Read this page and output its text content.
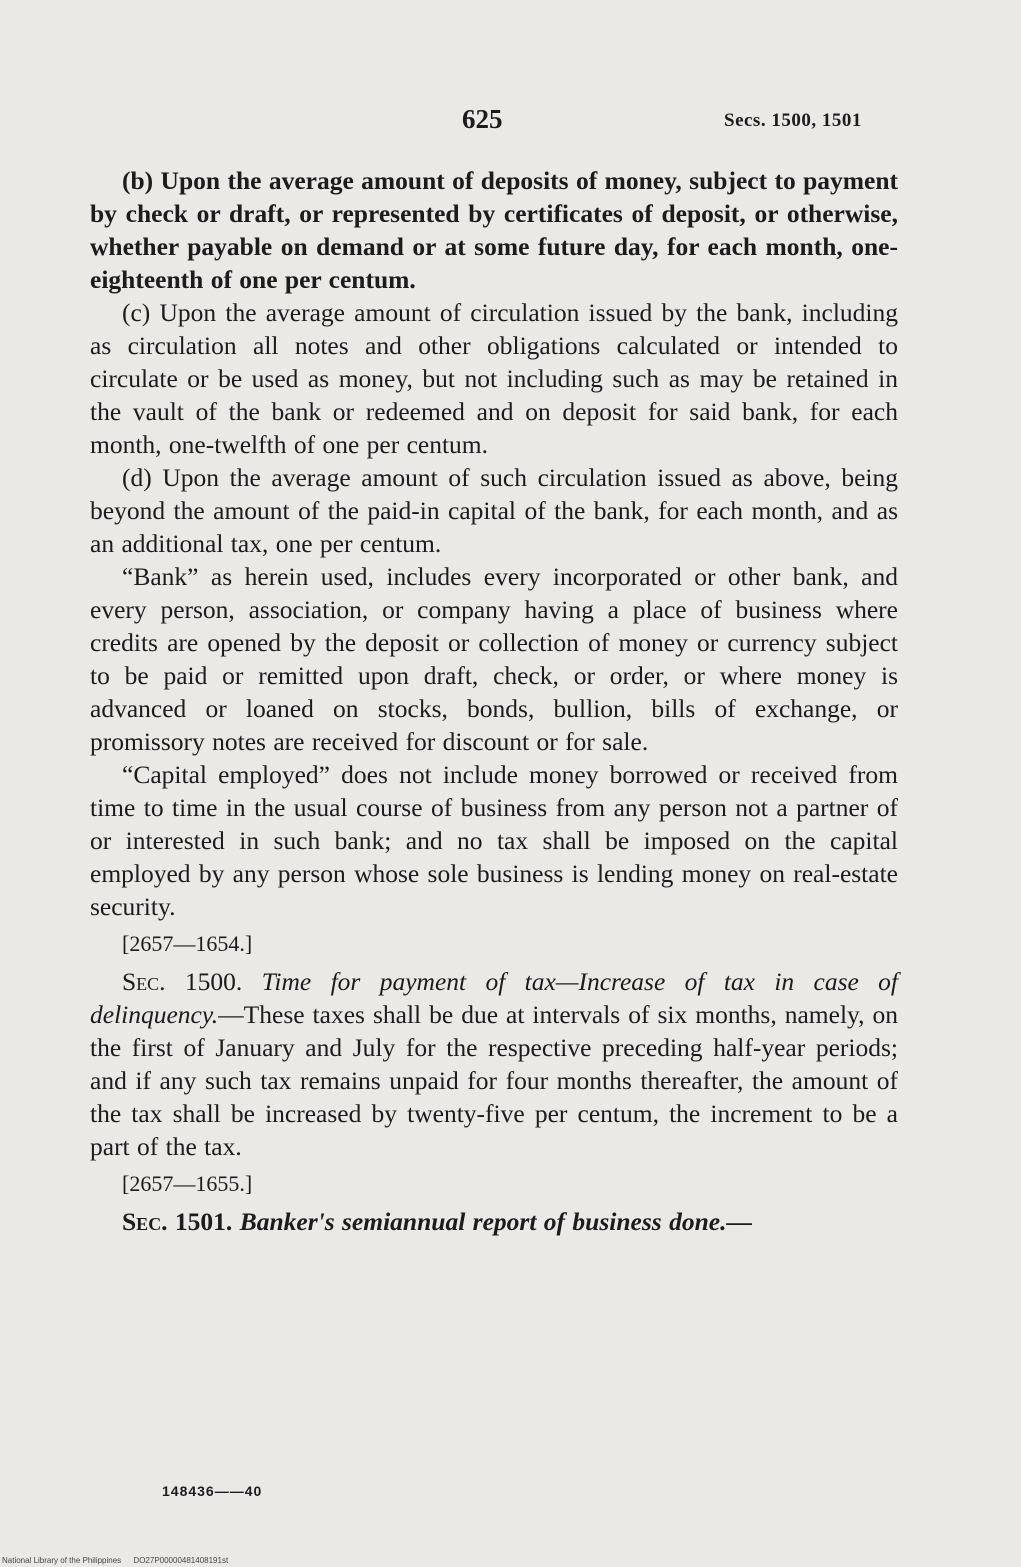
625	Secs. 1500, 1501

(b) Upon the average amount of deposits of money, subject to payment by check or draft, or represented by certificates of deposit, or otherwise, whether payable on demand or at some future day, for each month, one-eighteenth of one per centum.

(c) Upon the average amount of circulation issued by the bank, including as circulation all notes and other obligations calculated or intended to circulate or be used as money, but not including such as may be retained in the vault of the bank or redeemed and on deposit for said bank, for each month, one-twelfth of one per centum.

(d) Upon the average amount of such circulation issued as above, being beyond the amount of the paid-in capital of the bank, for each month, and as an additional tax, one per centum.

“Bank” as herein used, includes every incorporated or other bank, and every person, association, or company having a place of business where credits are opened by the deposit or collection of money or currency subject to be paid or remitted upon draft, check, or order, or where money is advanced or loaned on stocks, bonds, bullion, bills of exchange, or promissory notes are received for discount or for sale.

“Capital employed” does not include money borrowed or received from time to time in the usual course of business from any person not a partner of or interested in such bank; and no tax shall be imposed on the capital employed by any person whose sole business is lending money on real-estate security.

[2657—1654.]

Sec. 1500. Time for payment of tax—Increase of tax in case of delinquency.—These taxes shall be due at intervals of six months, namely, on the first of January and July for the respective preceding half-year periods; and if any such tax remains unpaid for four months thereafter, the amount of the tax shall be increased by twenty-five per centum, the increment to be a part of the tax.

[2657—1655.]

Sec. 1501. Banker's semiannual report of business done.—

148436——40
National Library of the Philippines DO27P00000481408191st
